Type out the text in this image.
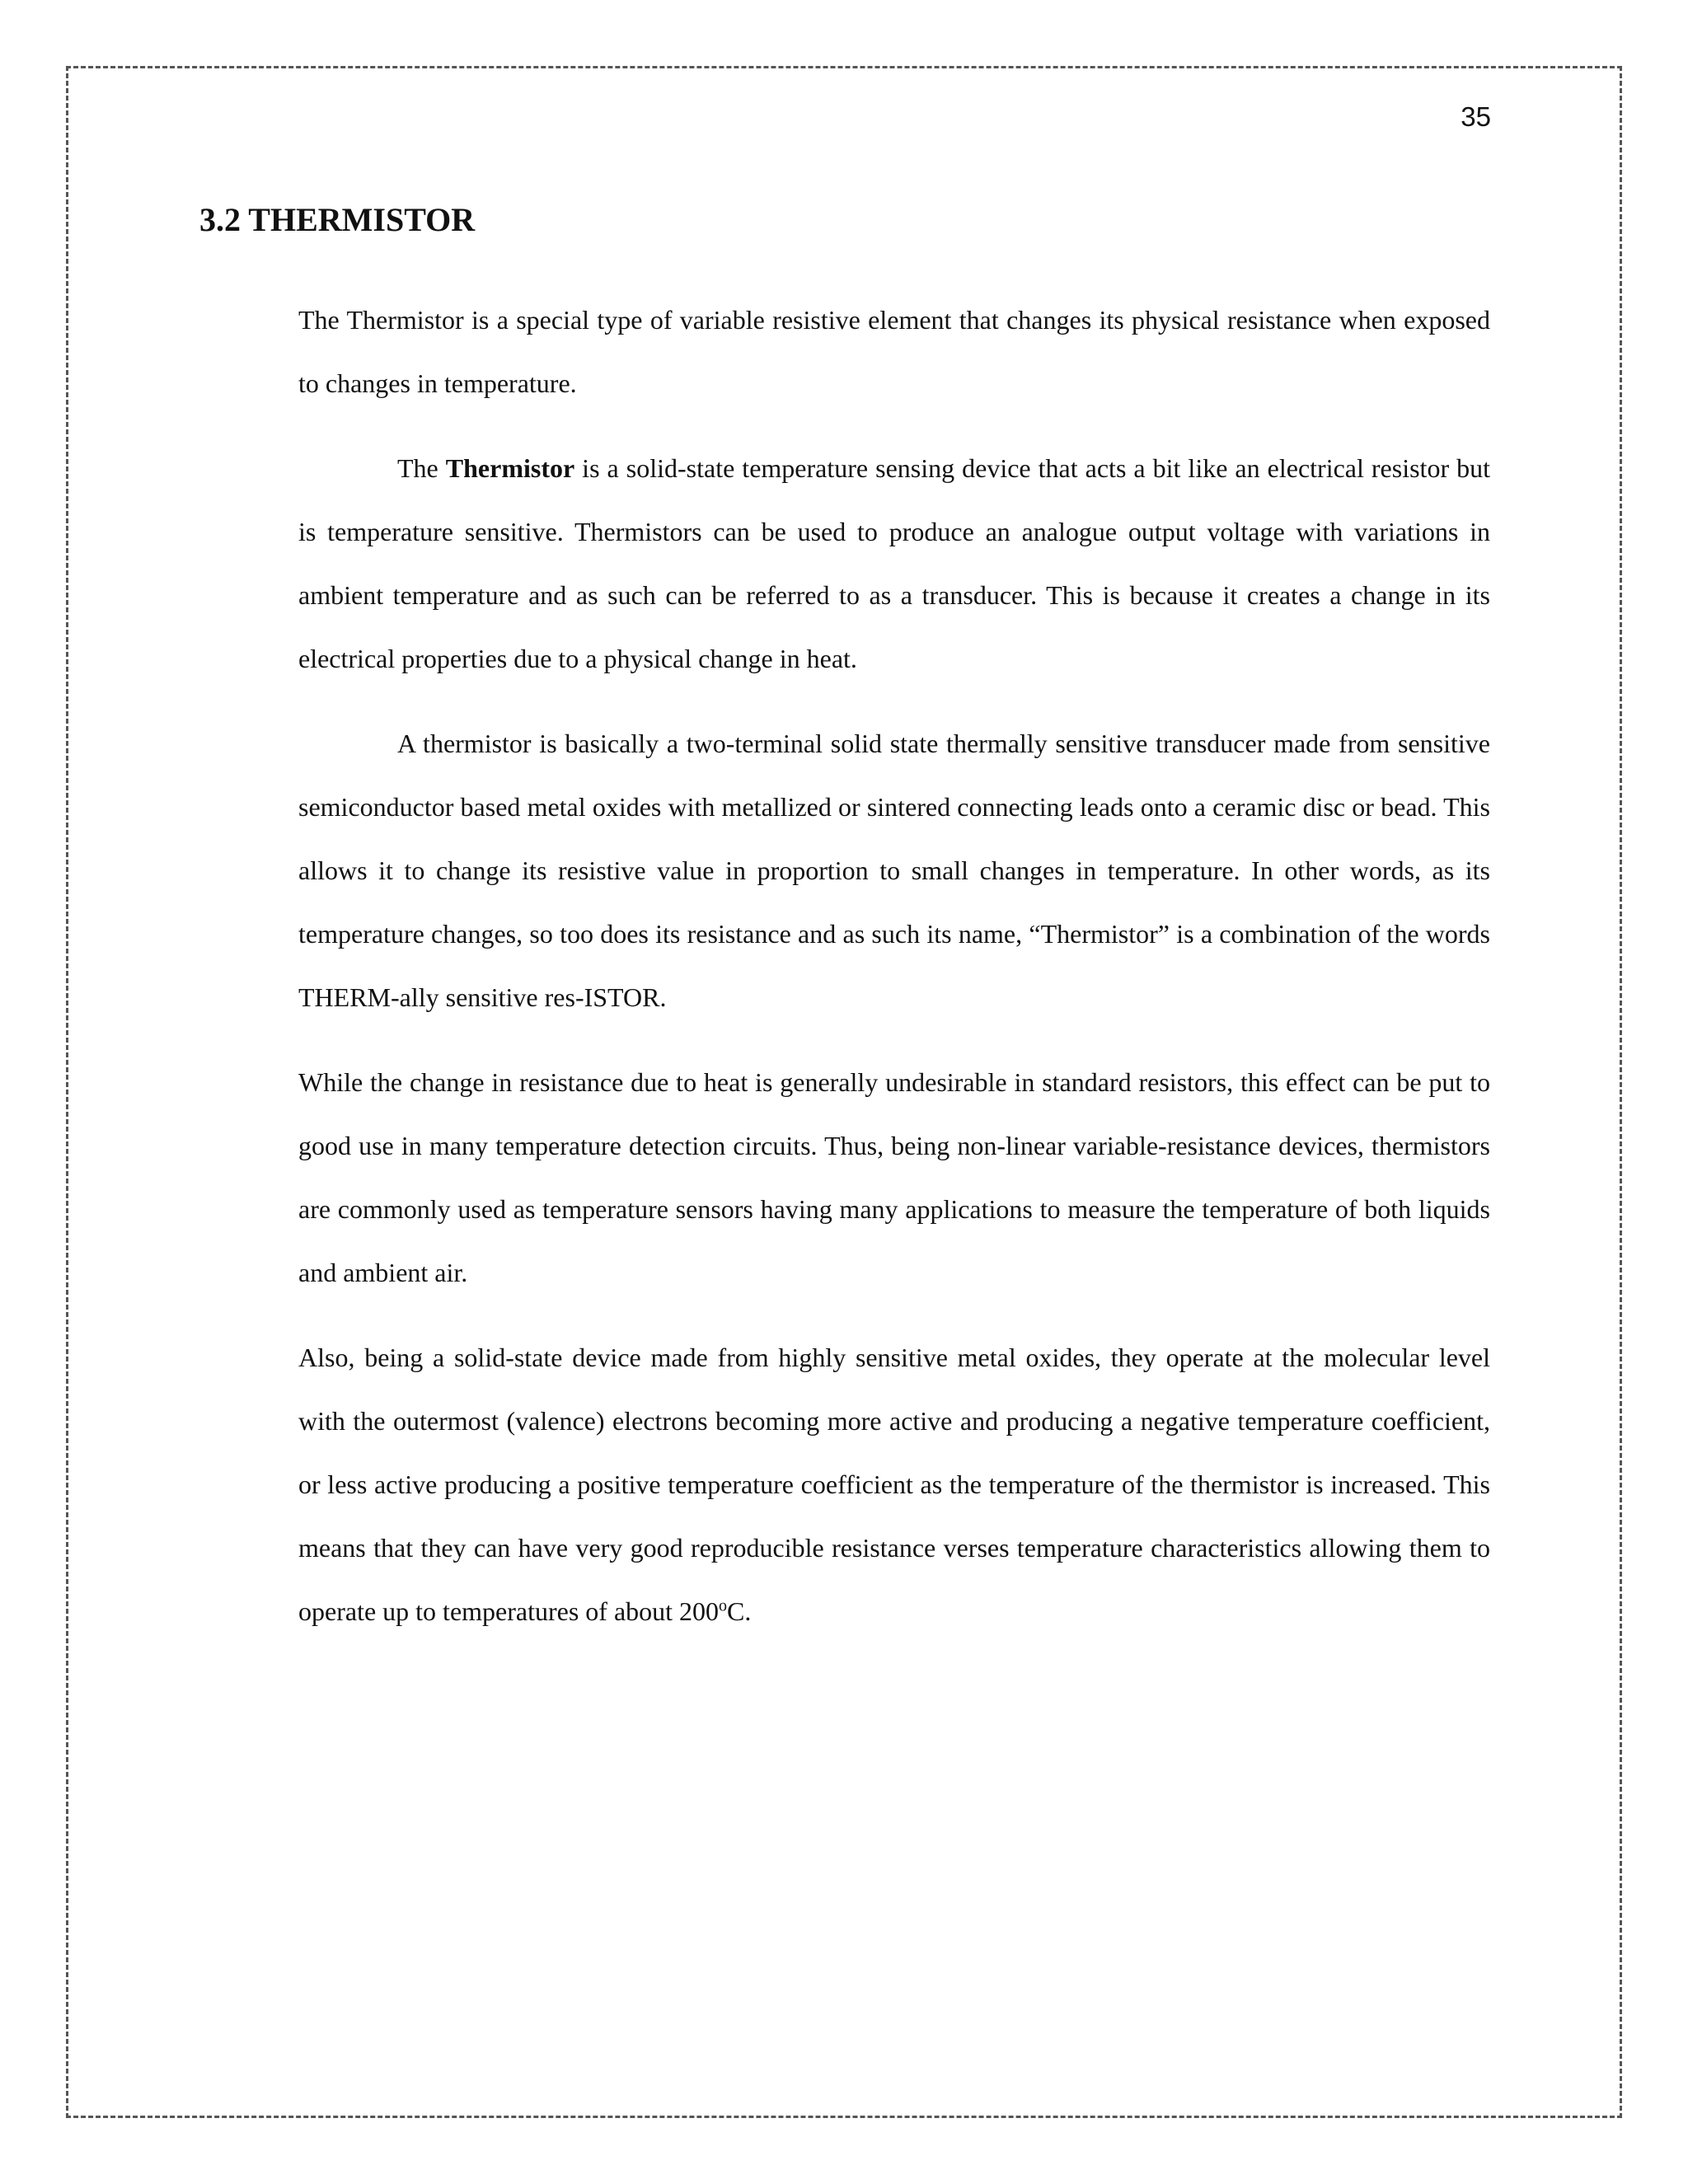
35
3.2 THERMISTOR

The Thermistor is a special type of variable resistive element that changes its physical resistance when exposed to changes in temperature.

The Thermistor is a solid-state temperature sensing device that acts a bit like an electrical resistor but is temperature sensitive. Thermistors can be used to produce an analogue output voltage with variations in ambient temperature and as such can be referred to as a transducer. This is because it creates a change in its electrical properties due to a physical change in heat.

A thermistor is basically a two-terminal solid state thermally sensitive transducer made from sensitive semiconductor based metal oxides with metallized or sintered connecting leads onto a ceramic disc or bead. This allows it to change its resistive value in proportion to small changes in temperature. In other words, as its temperature changes, so too does its resistance and as such its name, “Thermistor” is a combination of the words THERM-ally sensitive res-ISTOR.

While the change in resistance due to heat is generally undesirable in standard resistors, this effect can be put to good use in many temperature detection circuits. Thus, being non-linear variable-resistance devices, thermistors are commonly used as temperature sensors having many applications to measure the temperature of both liquids and ambient air.

Also, being a solid-state device made from highly sensitive metal oxides, they operate at the molecular level with the outermost (valence) electrons becoming more active and producing a negative temperature coefficient, or less active producing a positive temperature coefficient as the temperature of the thermistor is increased. This means that they can have very good reproducible resistance verses temperature characteristics allowing them to operate up to temperatures of about 200$^o$C.
